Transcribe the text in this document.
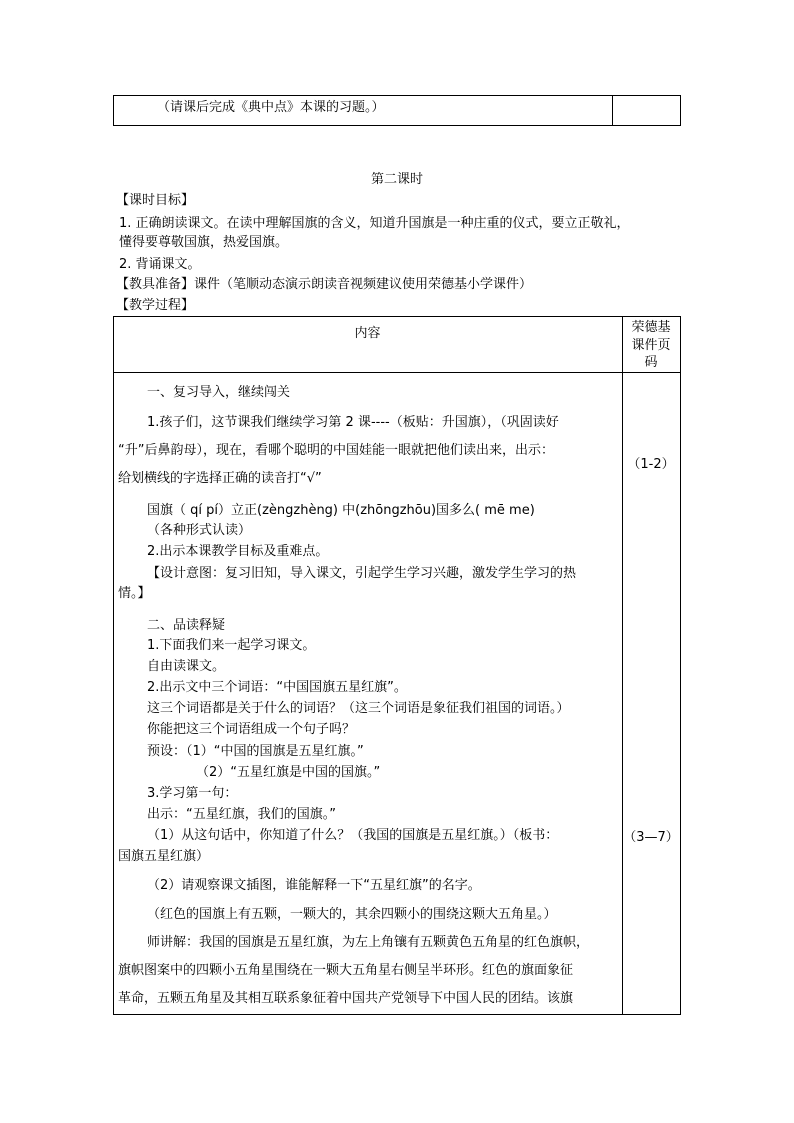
（请课后完成《典中点》本课的习题。）
第二课时
【课时目标】
1. 正确朗读课文。在读中理解国旗的含义，知道升国旗是一种庄重的仪式，要立正敬礼，
懂得要尊敬国旗，热爱国旗。
2. 背诵课文。
【教具准备】课件（笔顺动态演示朗读音视频建议使用荣德基小学课件）
【教学过程】
内容	荣德基
课件页
码
（1-2）
（3—7）
一、复习导入，继续闯关
1.孩子们，这节课我们继续学习第 2 课----（板贴：升国旗），（巩固读好
“升”后鼻韵母），现在，看哪个聪明的中国娃能一眼就把他们读出来，出示：
给划横线的字选择正确的读音打“√”
国旗（ qí pí）立正(zèngzhèng) 中(zhōngzhōu)国多么( mē me)
（各种形式认读）
2.出示本课教学目标及重难点。
【设计意图：复习旧知，导入课文，引起学生学习兴趣，激发学生学习的热
情。】
二、品读释疑
1.下面我们来一起学习课文。
自由读课文。
2.出示文中三个词语：“中国国旗五星红旗”。
这三个词语都是关于什么的词语？（这三个词语是象征我们祖国的词语。）
你能把这三个词语组成一个句子吗？
预设：（1）“中国的国旗是五星红旗。”
（2）“五星红旗是中国的国旗。”
3.学习第一句：
出示：“五星红旗，我们的国旗。”
（1）从这句话中，你知道了什么？（我国的国旗是五星红旗。）（板书：
国旗五星红旗）
（2）请观察课文插图，谁能解释一下“五星红旗”的名字。
（红色的国旗上有五颗，一颗大的，其余四颗小的围绕这颗大五角星。）
师讲解：我国的国旗是五星红旗，为左上角镶有五颗黄色五角星的红色旗帜，
旗帜图案中的四颗小五角星围绕在一颗大五角星右侧呈半环形。红色的旗面象征
革命，五颗五角星及其相互联系象征着中国共产党领导下中国人民的团结。该旗
